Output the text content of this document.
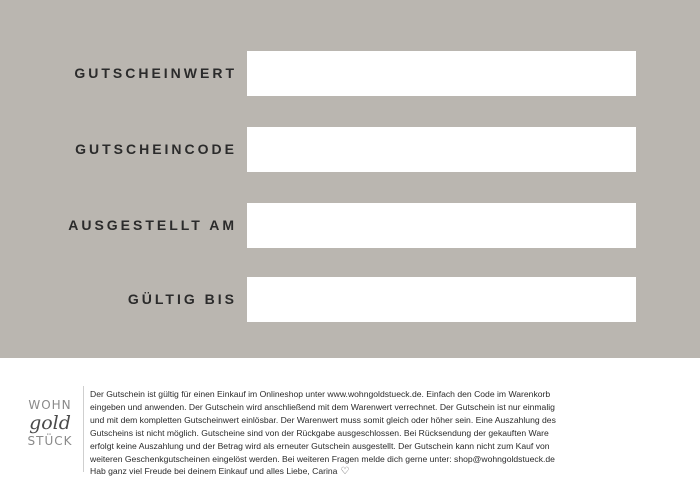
GUTSCHEINWERT
GUTSCHEINCODE
AUSGESTELLT AM
GÜLTIG BIS
WOHN
gold
STÜCK

Der Gutschein ist gültig für einen Einkauf im Onlineshop unter www.wohngoldstueck.de. Einfach den Code im Warenkorb
eingeben und anwenden. Der Gutschein wird anschließend mit dem Warenwert verrechnet. Der Gutschein ist nur einmalig
und mit dem kompletten Gutscheinwert einlösbar. Der Warenwert muss somit gleich oder höher sein. Eine Auszahlung des
Gutscheins ist nicht möglich. Gutscheine sind von der Rückgabe ausgeschlossen. Bei Rücksendung der gekauften Ware
erfolgt keine Auszahlung und der Betrag wird als erneuter Gutschein ausgestellt. Der Gutschein kann nicht zum Kauf von
weiteren Geschenkgutscheinen eingelöst werden. Bei weiteren Fragen melde dich gerne unter: shop@wohngoldstueck.de
Hab ganz viel Freude bei deinem Einkauf und alles Liebe, Carina ♡
